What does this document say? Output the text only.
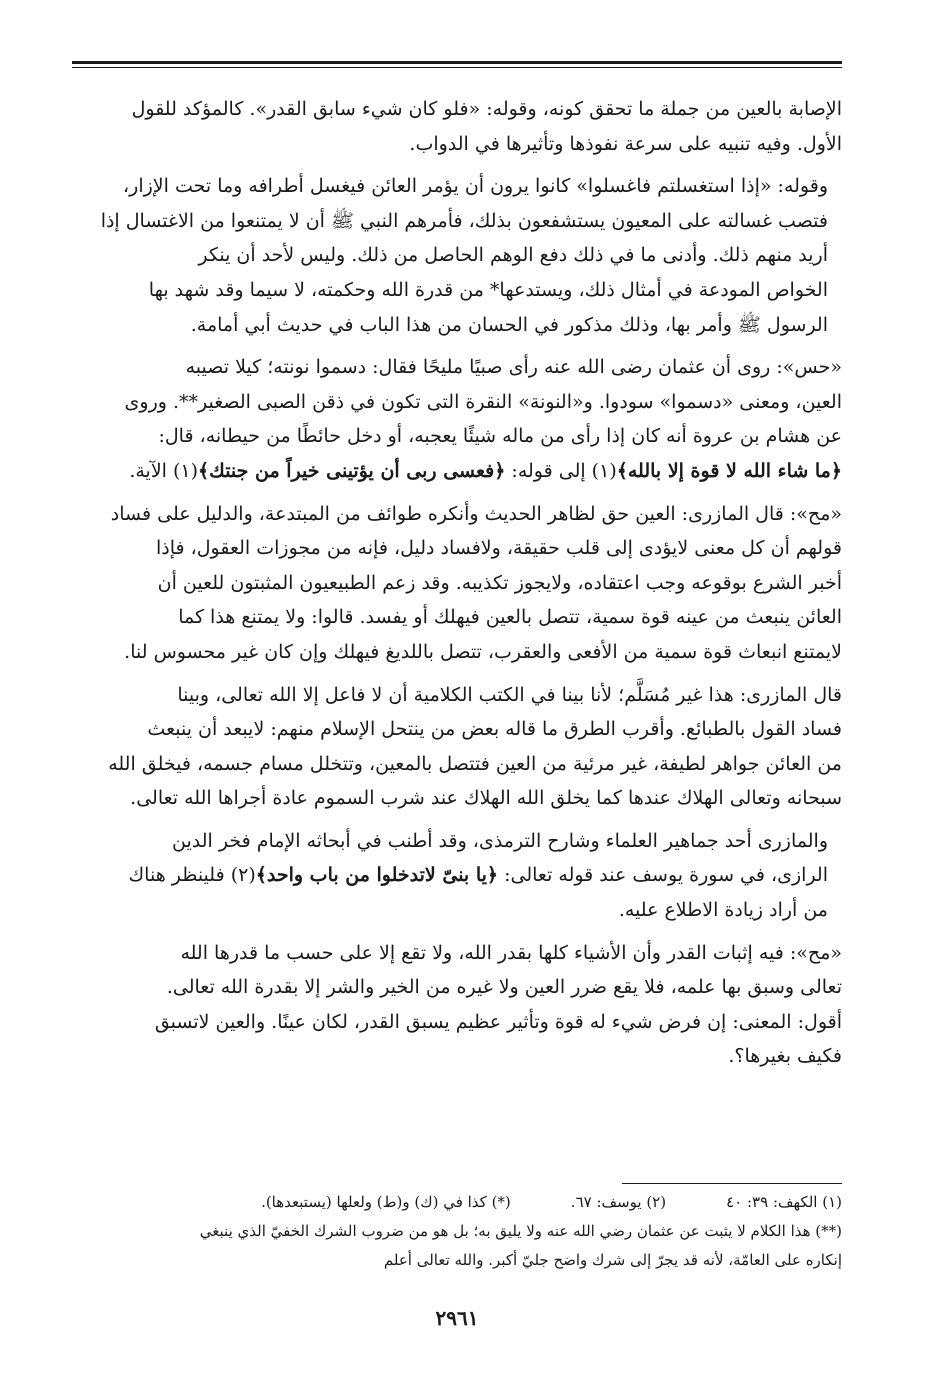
الإصابة بالعين من جملة ما تحقق كونه، وقوله: «فلو كان شيء سابق القدر». كالمؤكد للقول
الأول. وفيه تنبيه على سرعة نفوذها وتأثيرها في الدواب.

وقوله: «إذا استغسلتم فاغسلوا» كانوا يرون أن يؤمر العائن فيغسل أطرافه وما تحت الإزار،
فتصب غسالته على المعيون يستشفعون بذلك، فأمرهم النبي ﷺ أن لا يمتنعوا من الاغتسال إذا
أريد منهم ذلك. وأدنى ما في ذلك دفع الوهم الحاصل من ذلك. وليس لأحد أن ينكر
الخواص المودعة في أمثال ذلك، ويستدعها* من قدرة الله وحكمته، لا سيما وقد شهد بها
الرسول ﷺ وأمر بها، وذلك مذكور في الحسان من هذا الباب في حديث أبي أمامة.

«حس»: روى أن عثمان رضى الله عنه رأى صبيًا مليحًا فقال: دسموا نونته؛ كيلا تصيبه
العين، ومعنى «دسموا» سودوا. و«النونة» النقرة التى تكون في ذقن الصبى الصغير**. وروى
عن هشام بن عروة أنه كان إذا رأى من ماله شيئًا يعجبه، أو دخل حائطًا من حيطانه، قال:
﴿ما شاء الله لا قوة إلا بالله﴾(١) إلى قوله: ﴿فعسى ربى أن يؤتينى خيراً من جنتك﴾(١) الآية.

«مح»: قال المازرى: العين حق لظاهر الحديث وأنكره طوائف من المبتدعة، والدليل على فساد
قولهم أن كل معنى لايؤدى إلى قلب حقيقة، ولافساد دليل، فإنه من مجوزات العقول، فإذا
أخبر الشرع بوقوعه وجب اعتقاده، ولايجوز تكذيبه. وقد زعم الطبيعيون المثبتون للعين أن
العائن ينبعث من عينه قوة سمية، تتصل بالعين فيهلك أو يفسد. قالوا: ولا يمتنع هذا كما
لايمتنع انبعاث قوة سمية من الأفعى والعقرب، تتصل باللديغ فيهلك وإن كان غير محسوس لنا.

قال المازرى: هذا غير مُسَلَّم؛ لأنا بينا في الكتب الكلامية أن لا فاعل إلا الله تعالى، وبينا
فساد القول بالطبائع. وأقرب الطرق ما قاله بعض من ينتحل الإسلام منهم: لايبعد أن ينبعث
من العائن جواهر لطيفة، غير مرئية من العين فتتصل بالمعين، وتتخلل مسام جسمه، فيخلق الله
سبحانه وتعالى الهلاك عندها كما يخلق الله الهلاك عند شرب السموم عادة أجراها الله تعالى.

والمازرى أحد جماهير العلماء وشارح الترمذى، وقد أطنب في أبحاثه الإمام فخر الدين
الرازى، في سورة يوسف عند قوله تعالى: ﴿يا بنىّ لاتدخلوا من باب واحد﴾(٢) فلينظر هناك
من أراد زيادة الاطلاع عليه.

«مح»: فيه إثبات القدر وأن الأشياء كلها بقدر الله، ولا تقع إلا على حسب ما قدرها الله
تعالى وسبق بها علمه، فلا يقع ضرر العين ولا غيره من الخير والشر إلا بقدرة الله تعالى.
أقول: المعنى: إن فرض شيء له قوة وتأثير عظيم يسبق القدر، لكان عينًا. والعين لاتسبق
فكيف بغيرها؟.

(١) الكهف: ٣٩: ٤٠
(٢) يوسف: ٦٧.
(*) كذا في (ك) و(ط) ولعلها (يستبعدها).
(**) هذا الكلام لا يثبت عن عثمان رضي الله عنه ولا يليق به؛ بل هو من ضروب الشرك الخفيّ الذي ينبغي
إنكاره على العامّة، لأنه قد يجرّ إلى شرك واضح جليّ أكبر. والله تعالى أعلم
٢٩٦١
